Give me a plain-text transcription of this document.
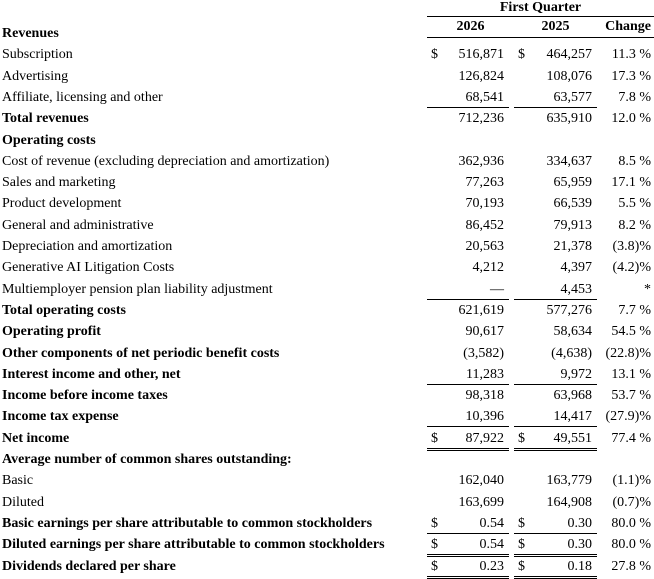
First Quarter
2026	2025	Change
Revenues
Subscription	$ 516,871 $ 464,257 11.3 %
Advertising	126,824	108,076 17.3 %
Affiliate, licensing and other	68,541	63,577 7.8 %
Total revenues	712,236	635,910 12.0 %
Operating costs
Cost of revenue (excluding depreciation and amortization)	362,936	334,637 8.5 %
Sales and marketing	77,263	65,959 17.1 %
Product development	70,193	66,539 5.5 %
General and administrative	86,452	79,913 8.2 %
Depreciation and amortization	20,563	21,378 (3.8)%
Generative AI Litigation Costs	4,212	4,397 (4.2)%
Multiemployer pension plan liability adjustment	—	4,453	*
Total operating costs	621,619	577,276 7.7 %
Operating profit	90,617	58,634 54.5 %
Other components of net periodic benefit costs	(3,582)	(4,638) (22.8)%
Interest income and other, net	11,283	9,972 13.1 %
Income before income taxes	98,318	63,968 53.7 %
Income tax expense	10,396	14,417 (27.9)%
Net income	$ 87,922 $ 49,551 77.4 %
Average number of common shares outstanding:
Basic	162,040	163,779 (1.1)%
Diluted	163,699	164,908 (0.7)%
Basic earnings per share attributable to common stockholders	$	0.54 $	0.30 80.0 %
Diluted earnings per share attributable to common stockholders	$	0.54 $	0.30 80.0 %
Dividends declared per share	$	0.23 $	0.18 27.8 %
